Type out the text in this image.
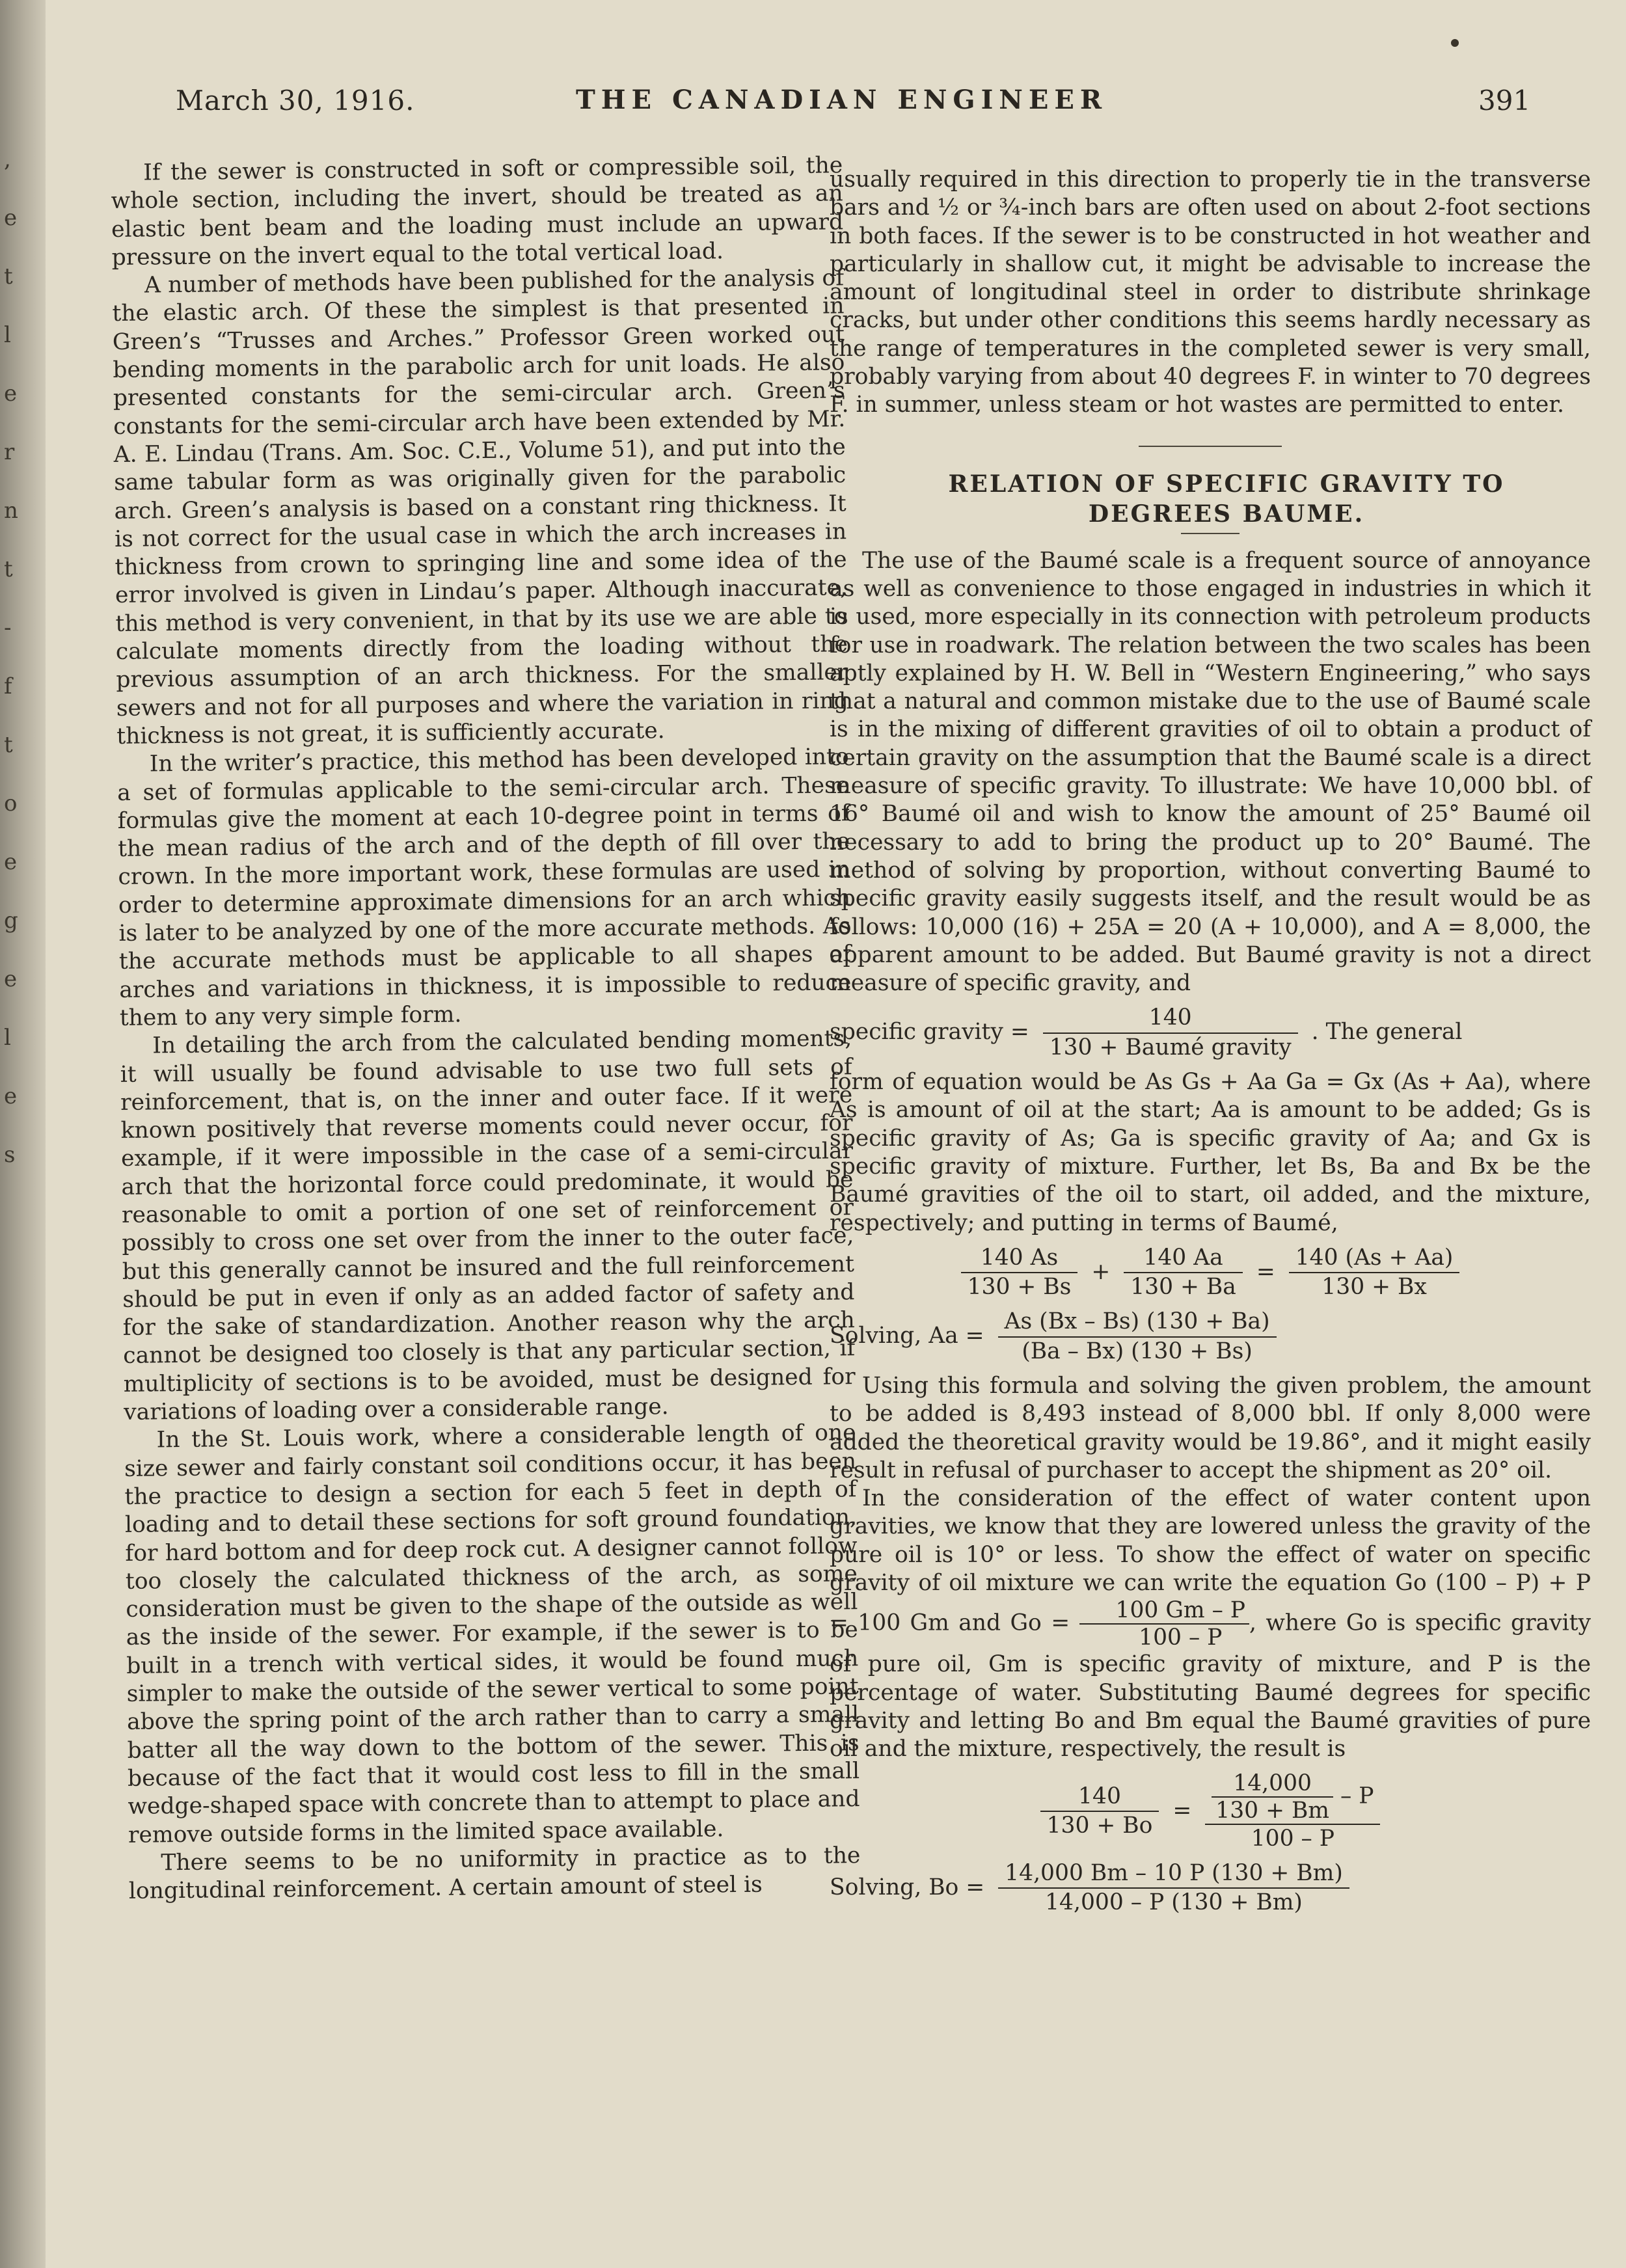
,
e
t
l
e
r
n
t
-
f
t
o
e
g
e
l
e
s
March 30, 1916.	THE CANADIAN ENGINEER	391

If the sewer is constructed in soft or compressible soil, the whole section, including the invert, should be treated as an elastic bent beam and the loading must include an upward pressure on the invert equal to the total vertical load.

A number of methods have been published for the analysis of the elastic arch. Of these the simplest is that presented in Green’s “Trusses and Arches.” Professor Green worked out bending moments in the parabolic arch for unit loads. He also presented constants for the semi-circular arch. Green’s constants for the semi-circular arch have been extended by Mr. A. E. Lindau (Trans. Am. Soc. C.E., Volume 51), and put into the same tabular form as was originally given for the parabolic arch. Green’s analysis is based on a constant ring thickness. It is not correct for the usual case in which the arch increases in thickness from crown to springing line and some idea of the error involved is given in Lindau’s paper. Although inaccurate, this method is very convenient, in that by its use we are able to calculate moments directly from the loading without the previous assumption of an arch thickness. For the smaller sewers and not for all purposes and where the variation in ring thickness is not great, it is sufficiently accurate.

In the writer’s practice, this method has been developed into a set of formulas applicable to the semi-circular arch. These formulas give the moment at each 10-degree point in terms of the mean radius of the arch and of the depth of fill over the crown. In the more important work, these formulas are used in order to determine approximate dimensions for an arch which is later to be analyzed by one of the more accurate methods. As the accurate methods must be applicable to all shapes of arches and variations in thickness, it is impossible to reduce them to any very simple form.

In detailing the arch from the calculated bending moments, it will usually be found advisable to use two full sets of reinforcement, that is, on the inner and outer face. If it were known positively that reverse moments could never occur, for example, if it were impossible in the case of a semi-circular arch that the horizontal force could predominate, it would be reasonable to omit a portion of one set of reinforcement or possibly to cross one set over from the inner to the outer face, but this generally cannot be insured and the full reinforcement should be put in even if only as an added factor of safety and for the sake of standardization. Another reason why the arch cannot be designed too closely is that any particular section, if multiplicity of sections is to be avoided, must be designed for variations of loading over a considerable range.

In the St. Louis work, where a considerable length of one size sewer and fairly constant soil conditions occur, it has been the practice to design a section for each 5 feet in depth of loading and to detail these sections for soft ground foundation, for hard bottom and for deep rock cut. A designer cannot follow too closely the calculated thickness of the arch, as some consideration must be given to the shape of the outside as well as the inside of the sewer. For example, if the sewer is to be built in a trench with vertical sides, it would be found much simpler to make the outside of the sewer vertical to some point above the spring point of the arch rather than to carry a small batter all the way down to the bottom of the sewer. This is because of the fact that it would cost less to fill in the small wedge-shaped space with concrete than to attempt to place and remove outside forms in the limited space available.

There seems to be no uniformity in practice as to the longitudinal reinforcement. A certain amount of steel is

usually required in this direction to properly tie in the transverse bars and ½ or ¾-inch bars are often used on about 2-foot sections in both faces. If the sewer is to be constructed in hot weather and particularly in shallow cut, it might be advisable to increase the amount of longitudinal steel in order to distribute shrinkage cracks, but under other conditions this seems hardly necessary as the range of temperatures in the completed sewer is very small, probably varying from about 40 degrees F. in winter to 70 degrees F. in summer, unless steam or hot wastes are permitted to enter.

RELATION OF SPECIFIC GRAVITY TO

DEGREES BAUME.

The use of the Baumé scale is a frequent source of annoyance as well as convenience to those engaged in industries in which it is used, more especially in its connection with petroleum products for use in roadwark. The relation between the two scales has been aptly explained by H. W. Bell in “Western Engineering,” who says that a natural and common mistake due to the use of Baumé scale is in the mixing of different gravities of oil to obtain a product of certain gravity on the assumption that the Baumé scale is a direct measure of specific gravity. To illustrate: We have 10,000 bbl. of 16° Baumé oil and wish to know the amount of 25° Baumé oil necessary to add to bring the product up to 20° Baumé. The method of solving by proportion, without converting Baumé to specific gravity easily suggests itself, and the result would be as follows: 10,000 (16) + 25A = 20 (A + 10,000), and A = 8,000, the apparent amount to be added. But Baumé gravity is not a direct measure of specific gravity, and

specific gravity = $\frac{140}{\text{130 + Baumé gravity}}$ . The general

form of equation would be As Gs + Aa Ga = Gx (As + Aa), where As is amount of oil at the start; Aa is amount to be added; Gs is specific gravity of As; Ga is specific gravity of Aa; and Gx is specific gravity of mixture. Further, let Bs, Ba and Bx be the Baumé gravities of the oil to start, oil added, and the mixture, respectively; and putting in terms of Baumé,

$\frac{140 As}{130 + Bs} + \frac{140 Aa}{130 + Ba} = \frac{140 (As + Aa)}{130 + Bx}$
Solving, $Aa = \frac{As (Bx - Bs) (130 + Ba)}{(Ba - Bx) (130 + Bs)}$

Using this formula and solving the given problem, the amount to be added is 8,493 instead of 8,000 bbl. If only 8,000 were added the theoretical gravity would be 19.86°, and it might easily result in refusal of purchaser to accept the shipment as 20° oil.

In the consideration of the effect of water content upon gravities, we know that they are lowered unless the gravity of the pure oil is 10° or less. To show the effect of water on specific gravity of oil mixture we can write the equation Go (100 – P) + P = 100 Gm and $Go = \frac{100 Gm - P}{100 - P}$ , where Go is specific gravity of pure oil, Gm is specific gravity of mixture, and P is the percentage of water. Substituting Baumé degrees for specific gravity and letting Bo and Bm equal the Baumé gravities of pure oil and the mixture, respectively, the result is

$\frac{140}{130 + Bo} = \frac{\frac{14,000}{130 + Bm} - P}{100 - P}$
Solving, $Bo = \frac{14,000 Bm - 10 P (130 + Bm)}{14,000 - P (130 + Bm)}$
